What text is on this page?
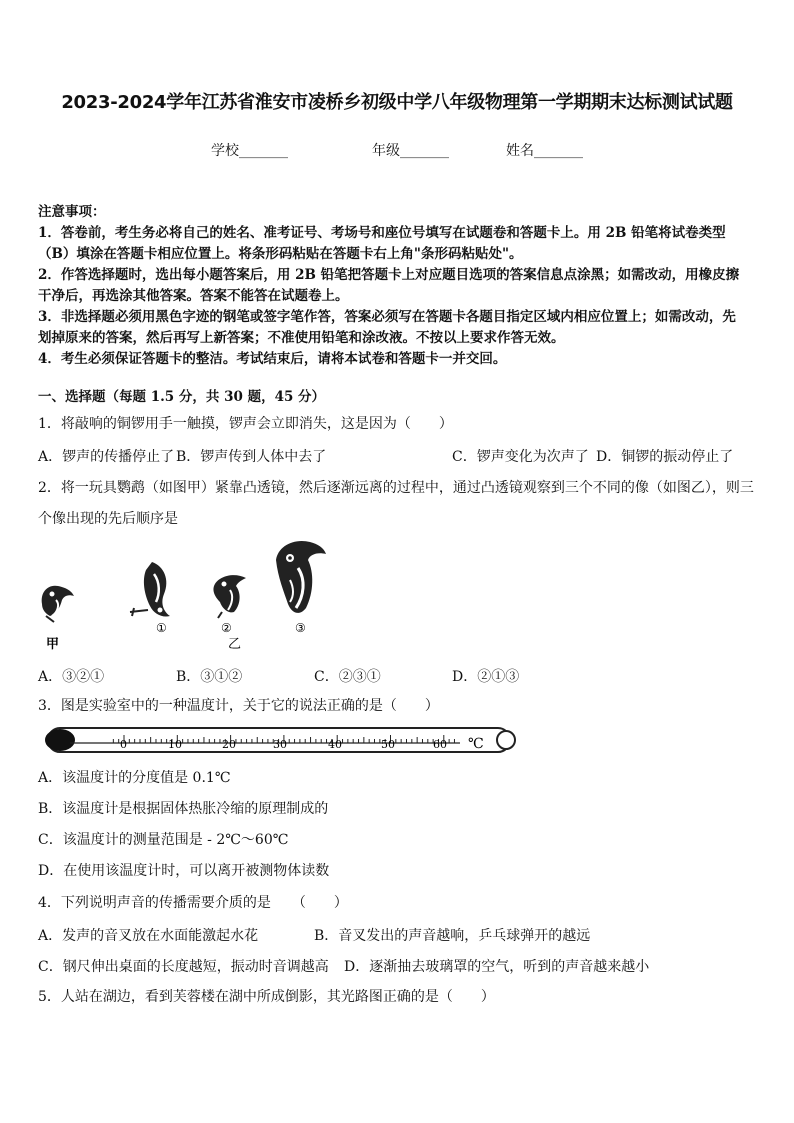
2023-2024学年江苏省淮安市凌桥乡初级中学八年级物理第一学期期末达标测试试题
学校_______	年级_______	姓名_______
注意事项：
1．答卷前，考生务必将自己的姓名、准考证号、考场号和座位号填写在试题卷和答题卡上。用 2B 铅笔将试卷类型
（B）填涂在答题卡相应位置上。将条形码粘贴在答题卡右上角"条形码粘贴处"。
2．作答选择题时，选出每小题答案后，用 2B 铅笔把答题卡上对应题目选项的答案信息点涂黑；如需改动，用橡皮擦
干净后，再选涂其他答案。答案不能答在试题卷上。
3．非选择题必须用黑色字迹的钢笔或签字笔作答，答案必须写在答题卡各题目指定区域内相应位置上；如需改动，先
划掉原来的答案，然后再写上新答案；不准使用铅笔和涂改液。不按以上要求作答无效。
4．考生必须保证答题卡的整洁。考试结束后，请将本试卷和答题卡一并交回。
一、选择题（每题 1.5 分，共 30 题，45 分）
1．将敲响的铜锣用手一触摸，锣声会立即消失，这是因为（　　）
A．锣声的传播停止了 B．锣声传到人体中去了	C．锣声变化为次声了 D．铜锣的振动停止了
2．将一玩具鹦鹉（如图甲）紧靠凸透镜，然后逐渐远离的过程中，通过凸透镜观察到三个不同的像（如图乙），则三
个像出现的先后顺序是
①	②	③
甲	乙
A．③②①	B．③①②	C．②③①	D．②①③
3．图是实验室中的一种温度计，关于它的说法正确的是（　　）
0	10	20	30	40	50	60 ℃
A．该温度计的分度值是 0.1℃
B．该温度计是根据固体热胀冷缩的原理制成的
C．该温度计的测量范围是 - 2℃～60℃
D．在使用该温度计时，可以离开被测物体读数
4．下列说明声音的传播需要介质的是　　（　　）
A．发声的音叉放在水面能激起水花	B．音叉发出的声音越响，乒乓球弹开的越远
C．钢尺伸出桌面的长度越短，振动时音调越高 D．逐渐抽去玻璃罩的空气，听到的声音越来越小
5．人站在湖边，看到芙蓉楼在湖中所成倒影，其光路图正确的是（　　）
